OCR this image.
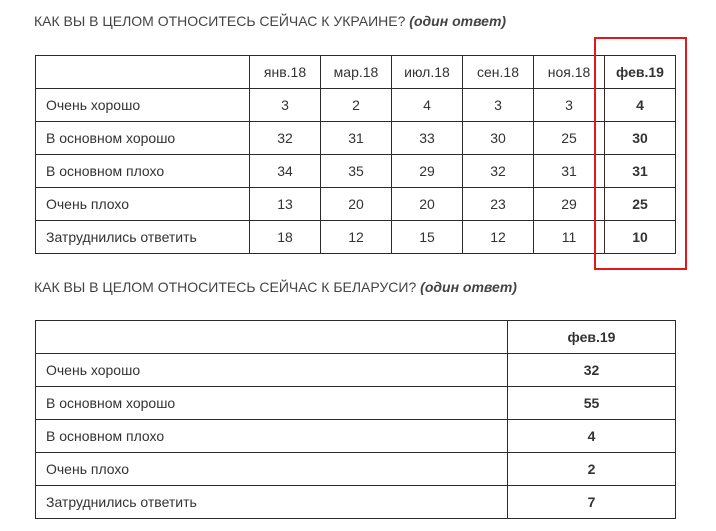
КАК ВЫ В ЦЕЛОМ ОТНОСИТЕСЬ СЕЙЧАС К УКРАИНЕ? (один ответ)
	янв.18	мар.18	июл.18	сен.18	ноя.18	фев.19
Очень хорошо	3	2	4	3	3	4
В основном хорошо	32	31	33	30	25	30
В основном плохо	34	35	29	32	31	31
Очень плохо	13	20	20	23	29	25
Затруднились ответить	18	12	15	12	11	10
КАК ВЫ В ЦЕЛОМ ОТНОСИТЕСЬ СЕЙЧАС К БЕЛАРУСИ? (один ответ)
	фев.19
Очень хорошо	32
В основном хорошо	55
В основном плохо	4
Очень плохо	2
Затруднились ответить	7
